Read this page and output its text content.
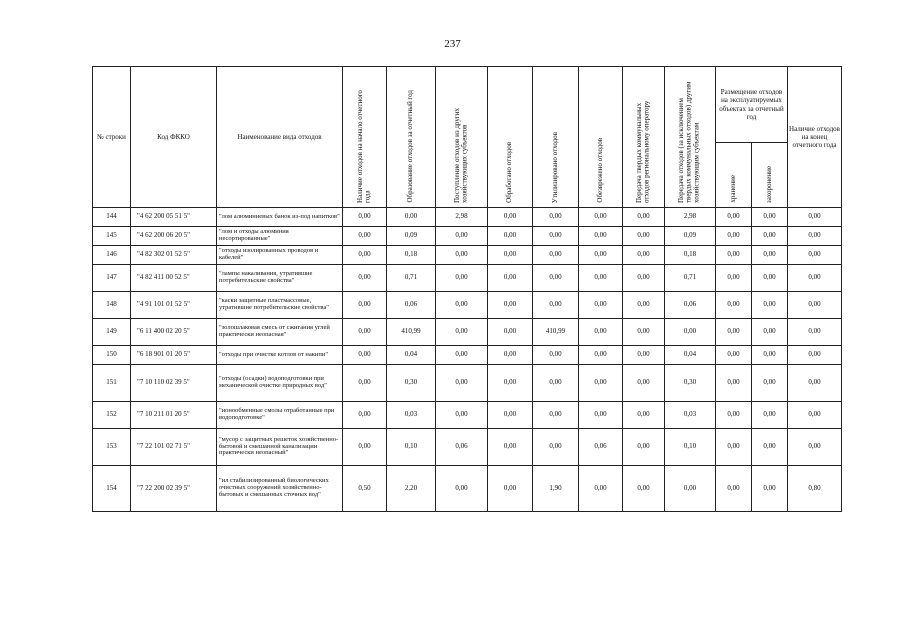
237
№ строки	Код ФККО	Наименование вида отходов	Наличие отходов на начало отчетного года	Образование отходов за отчетный год	Поступление отходов из других хозяйствующих субъектов	Обработано отходов	Утилизировано отходов	Обезврежено отходов	Передача твердых коммунальных отходов региональному оператору	Передача отходов (за исключением твердых коммунальных отходов) другим хозяйствующим субъектам	Размещение отходов на эксплуатируемых объектах за отчетный год		Наличие отходов на конец отчетного года
											хранение	захоронение	
144	"4 62 200 05 51 5"	"лом алюминиевых банок из-под напитков"	0,00	0,00	2,98	0,00	0,00	0,00	0,00	2,98	0,00	0,00	0,00
145	"4 62 200 06 20 5"	"лом и отходы алюминия несортированные"	0,00	0,09	0,00	0,00	0,00	0,00	0,00	0,09	0,00	0,00	0,00
146	"4 82 302 01 52 5"	"отходы изолированных проводов и кабелей"	0,00	0,18	0,00	0,00	0,00	0,00	0,00	0,18	0,00	0,00	0,00
147	"4 82 411 00 52 5"	"лампы накаливания, утратившие потребительские свойства"	0,00	0,71	0,00	0,00	0,00	0,00	0,00	0,71	0,00	0,00	0,00
148	"4 91 101 01 52 5"	"каски защитные пластмассовые, утратившие потребительские свойства"	0,00	0,06	0,00	0,00	0,00	0,00	0,00	0,06	0,00	0,00	0,00
149	"6 11 400 02 20 5"	"золошлаковая смесь от сжигания углей практически неопасная"	0,00	410,99	0,00	0,00	410,99	0,00	0,00	0,00	0,00	0,00	0,00
150	"6 18 901 01 20 5"	"отходы при очистке котлов от накипи"	0,00	0,04	0,00	0,00	0,00	0,00	0,00	0,04	0,00	0,00	0,00
151	"7 10 110 02 39 5"	"отходы (осадки) водоподготовки при механической очистке природных вод"	0,00	0,30	0,00	0,00	0,00	0,00	0,00	0,30	0,00	0,00	0,00
152	"7 10 211 01 20 5"	"ионообменные смолы отработанные при водоподготовке"	0,00	0,03	0,00	0,00	0,00	0,00	0,00	0,03	0,00	0,00	0,00
153	"7 22 101 02 71 5"	"мусор с защитных решеток хозяйственно-бытовой и смешанной канализации практически неопасный"	0,00	0,10	0,06	0,00	0,00	0,06	0,00	0,10	0,00	0,00	0,00
154	"7 22 200 02 39 5"	"ил стабилизированный биологических очистных сооружений хозяйственно-бытовых и смешанных сточных вод"	0,50	2,20	0,00	0,00	1,90	0,00	0,00	0,00	0,00	0,00	0,80
